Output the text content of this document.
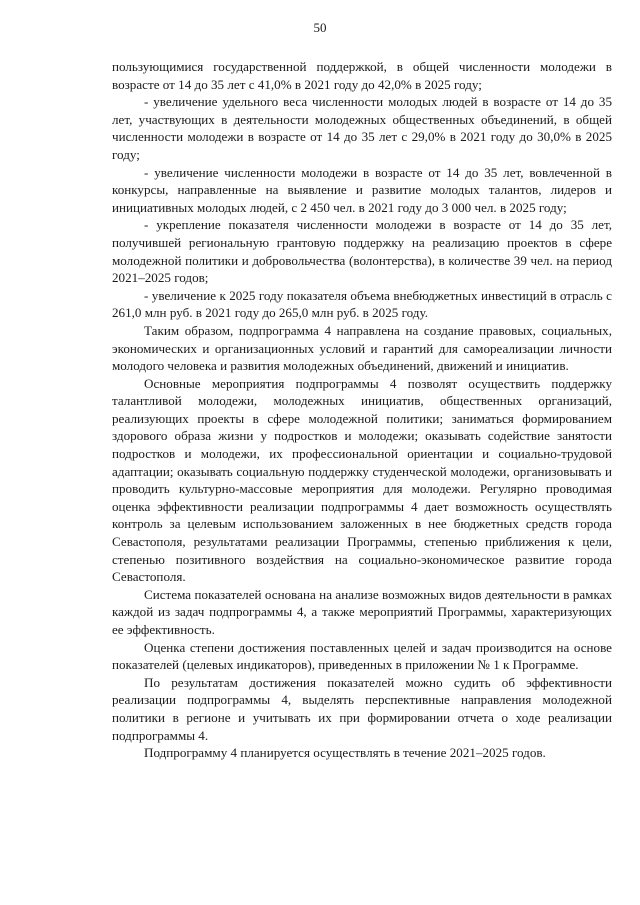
50

пользующимися государственной поддержкой, в общей численности молодежи в возрасте от 14 до 35 лет с 41,0% в 2021 году до 42,0% в 2025 году;

- увеличение удельного веса численности молодых людей в возрасте от 14 до 35 лет, участвующих в деятельности молодежных общественных объединений, в общей численности молодежи в возрасте от 14 до 35 лет с 29,0% в 2021 году до 30,0% в 2025 году;

- увеличение численности молодежи в возрасте от 14 до 35 лет, вовлеченной в конкурсы, направленные на выявление и развитие молодых талантов, лидеров и инициативных молодых людей, с 2 450 чел. в 2021 году до 3 000 чел. в 2025 году;

- укрепление показателя численности молодежи в возрасте от 14 до 35 лет, получившей региональную грантовую поддержку на реализацию проектов в сфере молодежной политики и добровольчества (волонтерства), в количестве 39 чел. на период 2021–2025 годов;

- увеличение к 2025 году показателя объема внебюджетных инвестиций в отрасль с 261,0 млн руб. в 2021 году до 265,0 млн руб. в 2025 году.

Таким образом, подпрограмма 4 направлена на создание правовых, социальных, экономических и организационных условий и гарантий для самореализации личности молодого человека и развития молодежных объединений, движений и инициатив.

Основные мероприятия подпрограммы 4 позволят осуществить поддержку талантливой молодежи, молодежных инициатив, общественных организаций, реализующих проекты в сфере молодежной политики; заниматься формированием здорового образа жизни у подростков и молодежи; оказывать содействие занятости подростков и молодежи, их профессиональной ориентации и социально-трудовой адаптации; оказывать социальную поддержку студенческой молодежи, организовывать и проводить культурно-массовые мероприятия для молодежи. Регулярно проводимая оценка эффективности реализации подпрограммы 4 дает возможность осуществлять контроль за целевым использованием заложенных в нее бюджетных средств города Севастополя, результатами реализации Программы, степенью приближения к цели, степенью позитивного воздействия на социально-экономическое развитие города Севастополя.

Система показателей основана на анализе возможных видов деятельности в рамках каждой из задач подпрограммы 4, а также мероприятий Программы, характеризующих ее эффективность.

Оценка степени достижения поставленных целей и задач производится на основе показателей (целевых индикаторов), приведенных в приложении № 1 к Программе.

По результатам достижения показателей можно судить об эффективности реализации подпрограммы 4, выделять перспективные направления молодежной политики в регионе и учитывать их при формировании отчета о ходе реализации подпрограммы 4.

Подпрограмму 4 планируется осуществлять в течение 2021–2025 годов.
